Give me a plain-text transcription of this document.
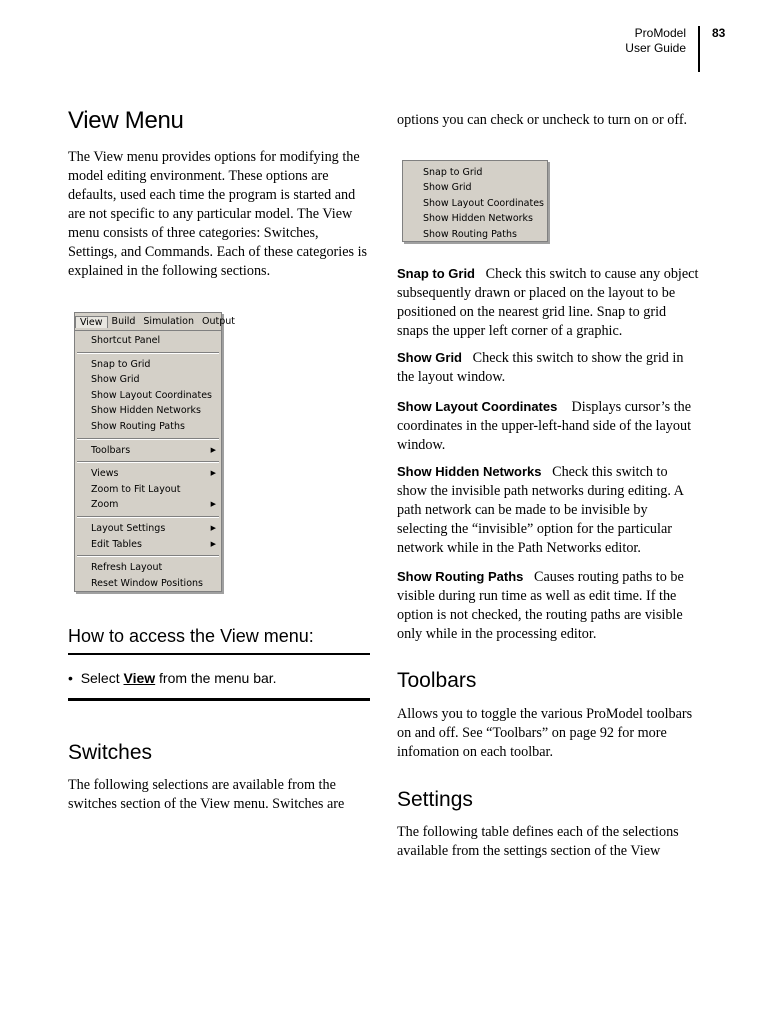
ProModel
User Guide
83
View Menu

The View menu provides options for modifying the model editing environment. These options are defaults, used each time the program is started and are not specific to any particular model. The View menu consists of three categories: Switches, Settings, and Commands. Each of these categories is explained in the following sections.

View Build Simulation Output
Shortcut Panel
Snap to Grid
Show Grid
Show Layout Coordinates
Show Hidden Networks
Show Routing Paths
Toolbars	▶
Views	▶
Zoom to Fit Layout
Zoom	▶
Layout Settings	▶
Edit Tables	▶
Refresh Layout
Reset Window Positions
How to access the View menu:
•  Select View from the menu bar.
Switches

The following selections are available from the switches section of the View menu. Switches are

options you can check or uncheck to turn on or off.

Snap to Grid
Show Grid
Show Layout Coordinates
Show Hidden Networks
Show Routing Paths

Snap to Grid Check this switch to cause any object subsequently drawn or placed on the layout to be positioned on the nearest grid line. Snap to grid snaps the upper left corner of a graphic.

Show Grid Check this switch to show the grid in the layout window.

Show Layout Coordinates Displays cursor’s the coordinates in the upper-left-hand side of the layout window.

Show Hidden Networks Check this switch to show the invisible path networks during editing. A path network can be made to be invisible by selecting the “invisible” option for the particular network while in the Path Networks editor.

Show Routing Paths Causes routing paths to be visible during run time as well as edit time. If the option is not checked, the routing paths are visible only while in the processing editor.

Toolbars

Allows you to toggle the various ProModel toolbars on and off. See “Toolbars” on page 92 for more infomation on each toolbar.

Settings

The following table defines each of the selections available from the settings section of the View
